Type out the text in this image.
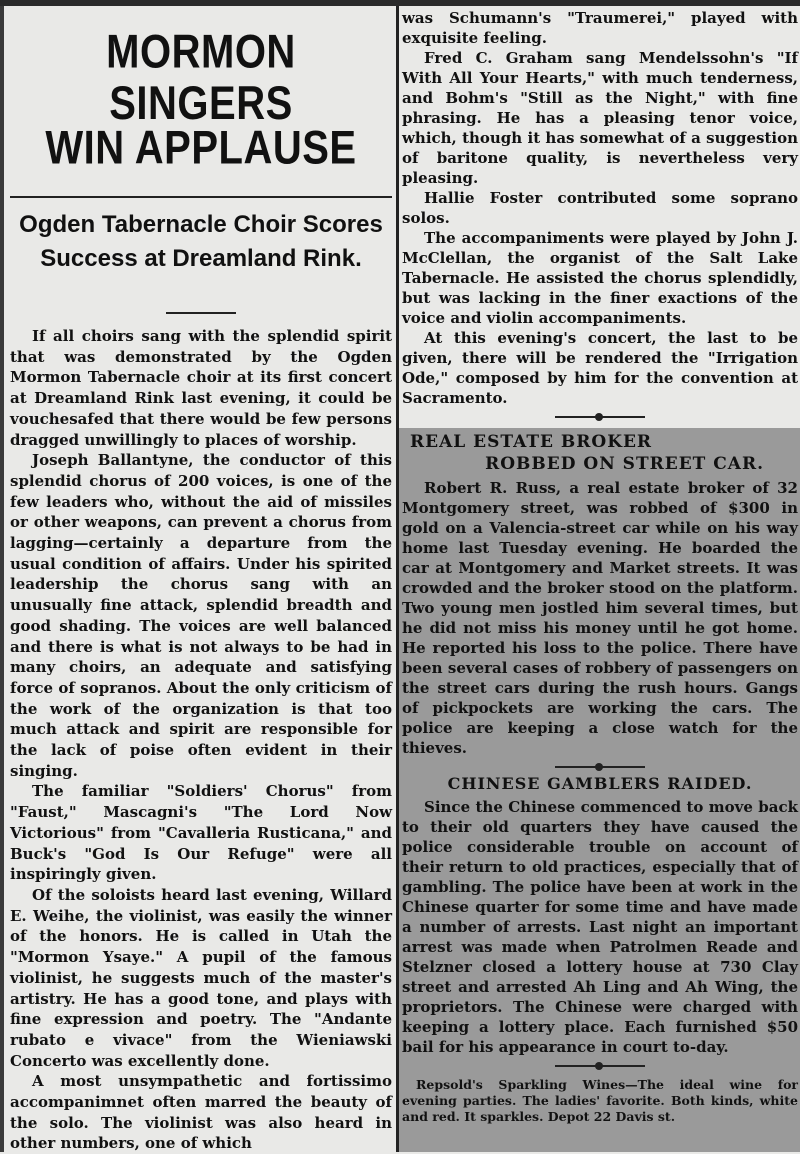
MORMON SINGERS
WIN APPLAUSE
Ogden Tabernacle Choir Scores Success at Dreamland Rink.

If all choirs sang with the splendid spirit that was demonstrated by the Ogden Mormon Tabernacle choir at its first concert at Dreamland Rink last evening, it could be vouchesafed that there would be few persons dragged unwillingly to places of worship.

Joseph Ballantyne, the conductor of this splendid chorus of 200 voices, is one of the few leaders who, without the aid of missiles or other weapons, can prevent a chorus from lagging—certainly a departure from the usual condition of affairs. Under his spirited leadership the chorus sang with an unusually fine attack, splendid breadth and good shading. The voices are well balanced and there is what is not always to be had in many choirs, an adequate and satisfying force of sopranos. About the only criticism of the work of the organization is that too much attack and spirit are responsible for the lack of poise often evident in their singing.

The familiar "Soldiers' Chorus" from "Faust," Mascagni's "The Lord Now Victorious" from "Cavalleria Rusticana," and Buck's "God Is Our Refuge" were all inspiringly given.

Of the soloists heard last evening, Willard E. Weihe, the violinist, was easily the winner of the honors. He is called in Utah the "Mormon Ysaye." A pupil of the famous violinist, he suggests much of the master's artistry. He has a good tone, and plays with fine expression and poetry. The "Andante rubato e vivace" from the Wieniawski Concerto was excellently done.

A most unsympathetic and fortissimo accompanimnet often marred the beauty of the solo. The violinist was also heard in other numbers, one of which

was Schumann's "Traumerei," played with exquisite feeling.

Fred C. Graham sang Mendelssohn's "If With All Your Hearts," with much tenderness, and Bohm's "Still as the Night," with fine phrasing. He has a pleasing tenor voice, which, though it has somewhat of a suggestion of baritone quality, is nevertheless very pleasing.

Hallie Foster contributed some soprano solos.

The accompaniments were played by John J. McClellan, the organist of the Salt Lake Tabernacle. He assisted the chorus splendidly, but was lacking in the finer exactions of the voice and violin accompaniments.

At this evening's concert, the last to be given, there will be rendered the "Irrigation Ode," composed by him for the convention at Sacramento.

REAL ESTATE BROKER
ROBBED ON STREET CAR.

Robert R. Russ, a real estate broker of 32 Montgomery street, was robbed of $300 in gold on a Valencia-street car while on his way home last Tuesday evening. He boarded the car at Montgomery and Market streets. It was crowded and the broker stood on the platform. Two young men jostled him several times, but he did not miss his money until he got home. He reported his loss to the police. There have been several cases of robbery of passengers on the street cars during the rush hours. Gangs of pickpockets are working the cars. The police are keeping a close watch for the thieves.

CHINESE GAMBLERS RAIDED.

Since the Chinese commenced to move back to their old quarters they have caused the police considerable trouble on account of their return to old practices, especially that of gambling. The police have been at work in the Chinese quarter for some time and have made a number of arrests. Last night an important arrest was made when Patrolmen Reade and Stelzner closed a lottery house at 730 Clay street and arrested Ah Ling and Ah Wing, the proprietors. The Chinese were charged with keeping a lottery place. Each furnished $50 bail for his appearance in court to-day.

Repsold's Sparkling Wines—The ideal wine for evening parties. The ladies' favorite. Both kinds, white and red. It sparkles. Depot 22 Davis st.
